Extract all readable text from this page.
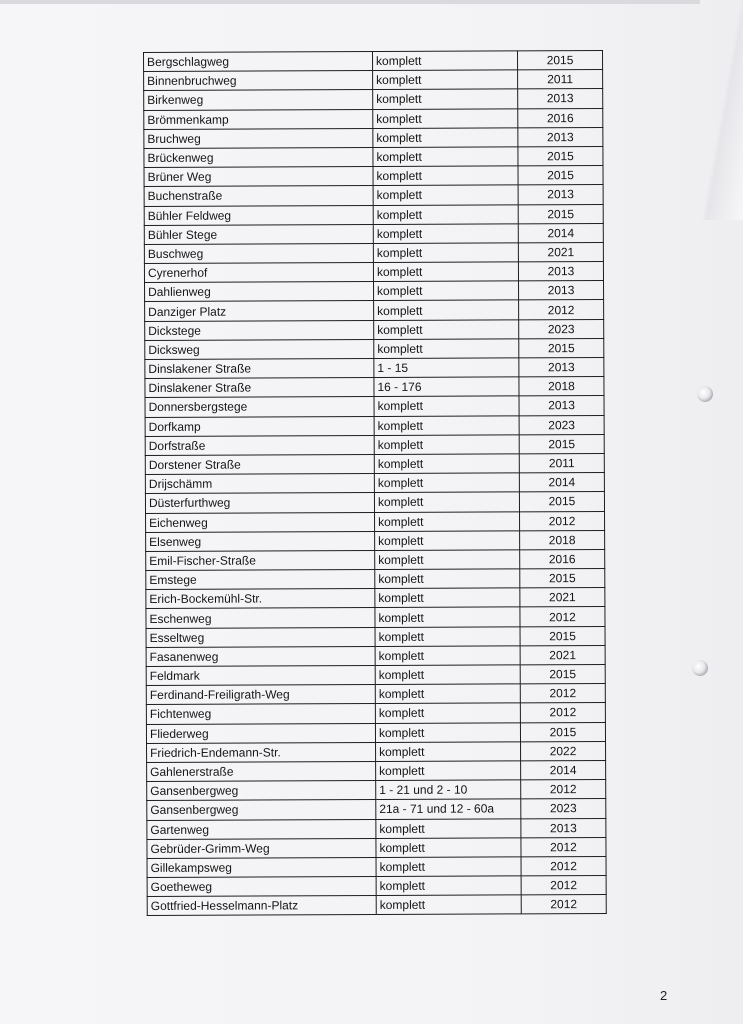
Bergschlagweg	komplett	2015
Binnenbruchweg	komplett	2011
Birkenweg	komplett	2013
Brömmenkamp	komplett	2016
Bruchweg	komplett	2013
Brückenweg	komplett	2015
Brüner Weg	komplett	2015
Buchenstraße	komplett	2013
Bühler Feldweg	komplett	2015
Bühler Stege	komplett	2014
Buschweg	komplett	2021
Cyrenerhof	komplett	2013
Dahlienweg	komplett	2013
Danziger Platz	komplett	2012
Dickstege	komplett	2023
Dicksweg	komplett	2015
Dinslakener Straße	1 - 15	2013
Dinslakener Straße	16 - 176	2018
Donnersbergstege	komplett	2013
Dorfkamp	komplett	2023
Dorfstraße	komplett	2015
Dorstener Straße	komplett	2011
Drijschämm	komplett	2014
Düsterfurthweg	komplett	2015
Eichenweg	komplett	2012
Elsenweg	komplett	2018
Emil-Fischer-Straße	komplett	2016
Emstege	komplett	2015
Erich-Bockemühl-Str.	komplett	2021
Eschenweg	komplett	2012
Esseltweg	komplett	2015
Fasanenweg	komplett	2021
Feldmark	komplett	2015
Ferdinand-Freiligrath-Weg	komplett	2012
Fichtenweg	komplett	2012
Fliederweg	komplett	2015
Friedrich-Endemann-Str.	komplett	2022
Gahlenerstraße	komplett	2014
Gansenbergweg	1 - 21 und 2 - 10	2012
Gansenbergweg	21a - 71 und 12 - 60a	2023
Gartenweg	komplett	2013
Gebrüder-Grimm-Weg	komplett	2012
Gillekampsweg	komplett	2012
Goetheweg	komplett	2012
Gottfried-Hesselmann-Platz	komplett	2012
2
